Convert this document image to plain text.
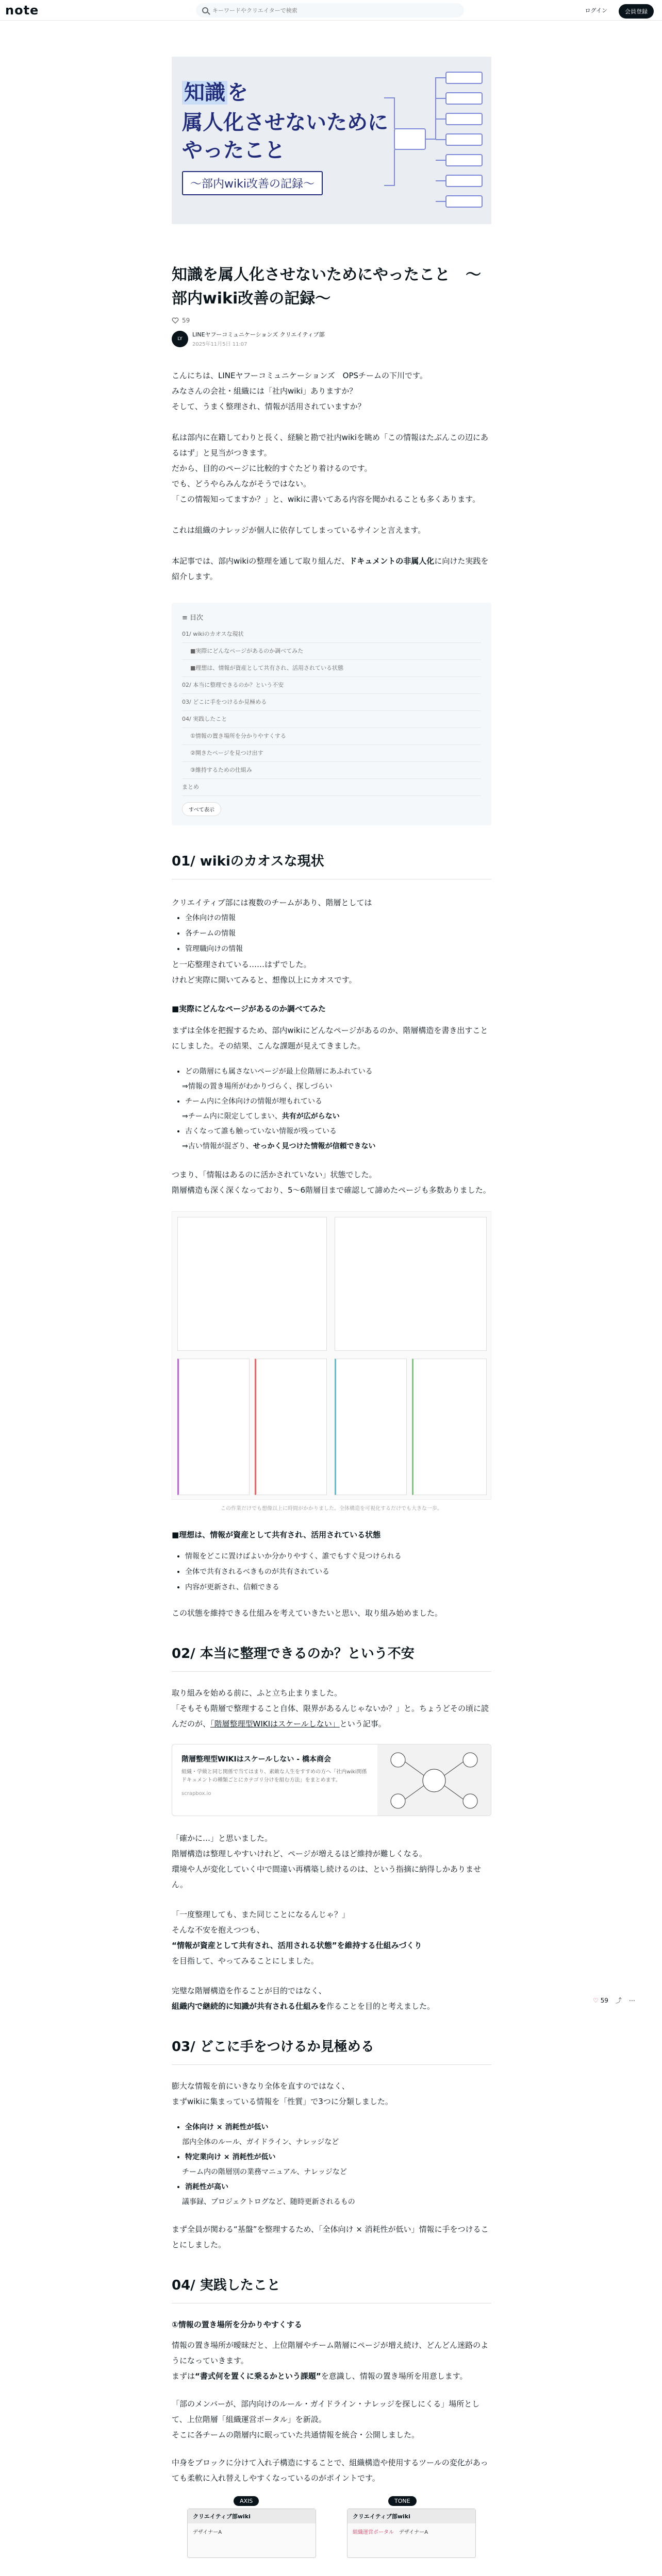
note
キーワードやクリエイターで検索	ログイン	会員登録
♡ 59 ⤴ ⋯
知識 を
属人化させないために
やったこと
〜部内wiki改善の記録〜
知識を属人化させないためにやったこと　〜部内wiki改善の記録〜
59
LY
LINEヤフーコミュニケーションズ クリエイティブ部
2025年11月5日 11:07
こんにちは、LINEヤフーコミュニケーションズ　OPSチームの下川です。
みなさんの会社・組織には「社内wiki」ありますか？
そして、うまく整理され、情報が活用されていますか？
私は部内に在籍してわりと長く、経験と勘で社内wikiを眺め「この情報はたぶんこの辺にあるはず」と見当がつきます。
だから、目的のページに比較的すぐたどり着けるのです。
でも、どうやらみんながそうではない。
「この情報知ってますか？」と、wikiに書いてある内容を聞かれることも多くあります。
これは組織のナレッジが個人に依存してしまっているサインと言えます。
本記事では、部内wikiの整理を通して取り組んだ、ドキュメントの非属人化に向けた実践を紹介します。
≡ 目次
01/ wikiのカオスな現状
■実際にどんなページがあるのか調べてみた
■理想は、情報が資産として共有され、活用されている状態
02/ 本当に整理できるのか？という不安
03/ どこに手をつけるか見極める
04/ 実践したこと
①情報の置き場所を分かりやすくする
②開きたページを見つけ出す
③維持するための仕組み
まとめ
すべて表示
01/ wikiのカオスな現状
クリエイティブ部には複数のチームがあり、階層としては
• 全体向けの情報
• 各チームの情報
• 管理職向けの情報
と一応整理されている……はずでした。
けれど実際に開いてみると、想像以上にカオスです。
■実際にどんなページがあるのか調べてみた
まずは全体を把握するため、部内wikiにどんなページがあるのか、階層構造を書き出すことにしました。その結果、こんな課題が見えてきました。
• どの階層にも属さないページが最上位階層にあふれている
⇒情報の置き場所がわかりづらく、探しづらい
• チーム内に全体向けの情報が埋もれている
⇒チーム内に限定してしまい、共有が広がらない
• 古くなって誰も触っていない情報が残っている
⇒古い情報が混ざり、せっかく見つけた情報が信頼できない
つまり、「情報はあるのに活かされていない」状態でした。
階層構造も深く深くなっており、5〜6階層目まで確認して諦めたページも多数ありました。
この作業だけでも想像以上に時間がかかりました。全体構造を可視化するだけでも大きな一歩。
■理想は、情報が資産として共有され、活用されている状態
• 情報をどこに置けばよいか分かりやすく、誰でもすぐ見つけられる
• 全体で共有されるべきものが共有されている
• 内容が更新され、信頼できる
この状態を維持できる仕組みを考えていきたいと思い、取り組み始めました。
02/ 本当に整理できるのか？という不安
取り組みを始める前に、ふと立ち止まりました。
「そもそも階層で整理すること自体、限界があるんじゃないか？」と。ちょうどその頃に読んだのが、「階層整理型WIKIはスケールしない」という記事。
階層整理型WIKIはスケールしない - 橋本商会
組織・学級と同じ関係で当てはまり、素敵な人生をすすめの方へ「社内wiki関係ドキュメントの種類ごとにカテゴリ分けを組む方法」をまとめます。
scrapbox.io
「確かに…」と思いました。
階層構造は整理しやすいけれど、ページが増えるほど維持が難しくなる。
環境や人が変化していく中で間違い再構築し続けるのは、という指摘に納得しかありません。
「一度整理しても、また同じことになるんじゃ？」
そんな不安を抱えつつも、
“情報が資産として共有され、活用される状態”を維持する仕組みづくり
を目指して、やってみることにしました。
完璧な階層構造を作ることが目的ではなく、
組織内で継続的に知識が共有される仕組みを作ることを目的と考えました。
03/ どこに手をつけるか見極める
膨大な情報を前にいきなり全体を直すのではなく、
まずwikiに集まっている情報を「性質」で3つに分類しました。
• 全体向け × 消耗性が低い
部内全体のルール、ガイドライン、ナレッジなど
• 特定業向け × 消耗性が低い
チーム内の階層別の業務マニュアル、ナレッジなど
• 消耗性が高い
議事録、プロジェクトログなど、随時更新されるもの
まず全員が関わる“基盤”を整理するため、「全体向け × 消耗性が低い」情報に手をつけることにしました。
04/ 実践したこと
①情報の置き場所を分かりやすくする
情報の置き場所が曖昧だと、上位階層やチーム階層にページが増え続け、どんどん迷路のようになっていきます。
まずは“書式何を置くに乗るかという課題”を意識し、情報の置き場所を用意します。
「部のメンバーが、部内向けのルール・ガイドライン・ナレッジを探しにくる」場所として、上位階層「組織運営ポータル」を新設。
そこに各チームの階層内に眠っていた共通情報を統合・公開しました。
中身をブロックに分けて入れ子構造にすることで、組織構造や使用するツールの変化があっても柔軟に入れ替えしやすくなっているのがポイントです。
AXIS	TONE
クリエイティブ部wiki
デザイナーA
クリエイティブ部wiki
組織運営ポータル　 デザイナーA
